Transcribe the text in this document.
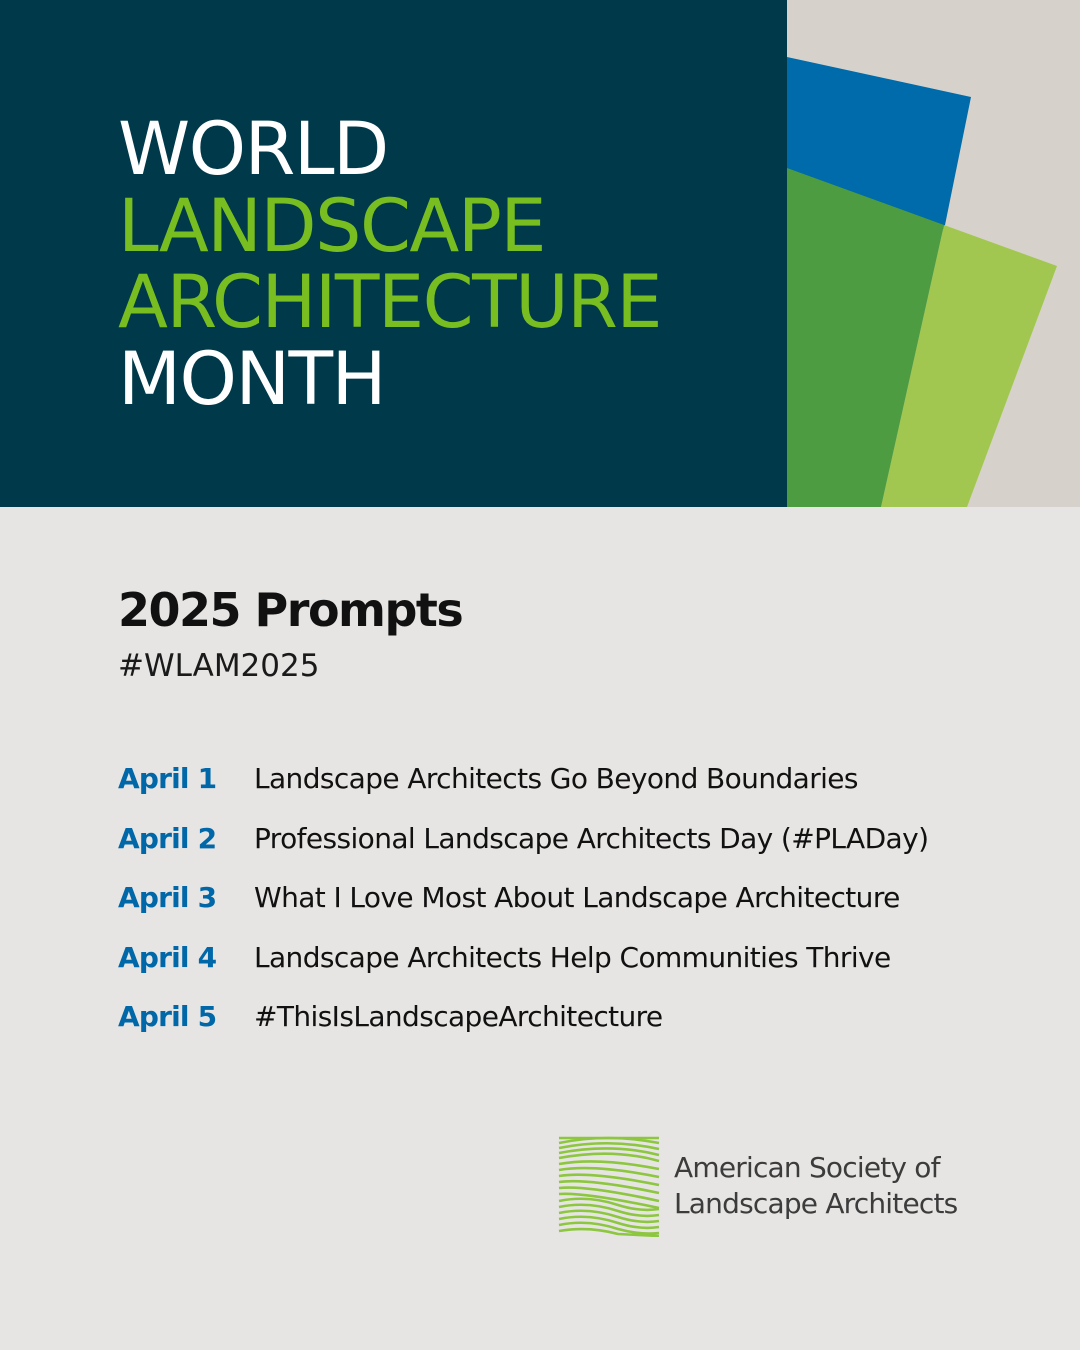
WORLD
LANDSCAPE
ARCHITECTURE
MONTH
2025 Prompts

#WLAM2025

April 1	Landscape Architects Go Beyond Boundaries
April 2	Professional Landscape Architects Day (#PLADay)
April 3	What I Love Most About Landscape Architecture
April 4	Landscape Architects Help Communities Thrive
April 5	#ThisIsLandscapeArchitecture
American Society of
Landscape Architects
